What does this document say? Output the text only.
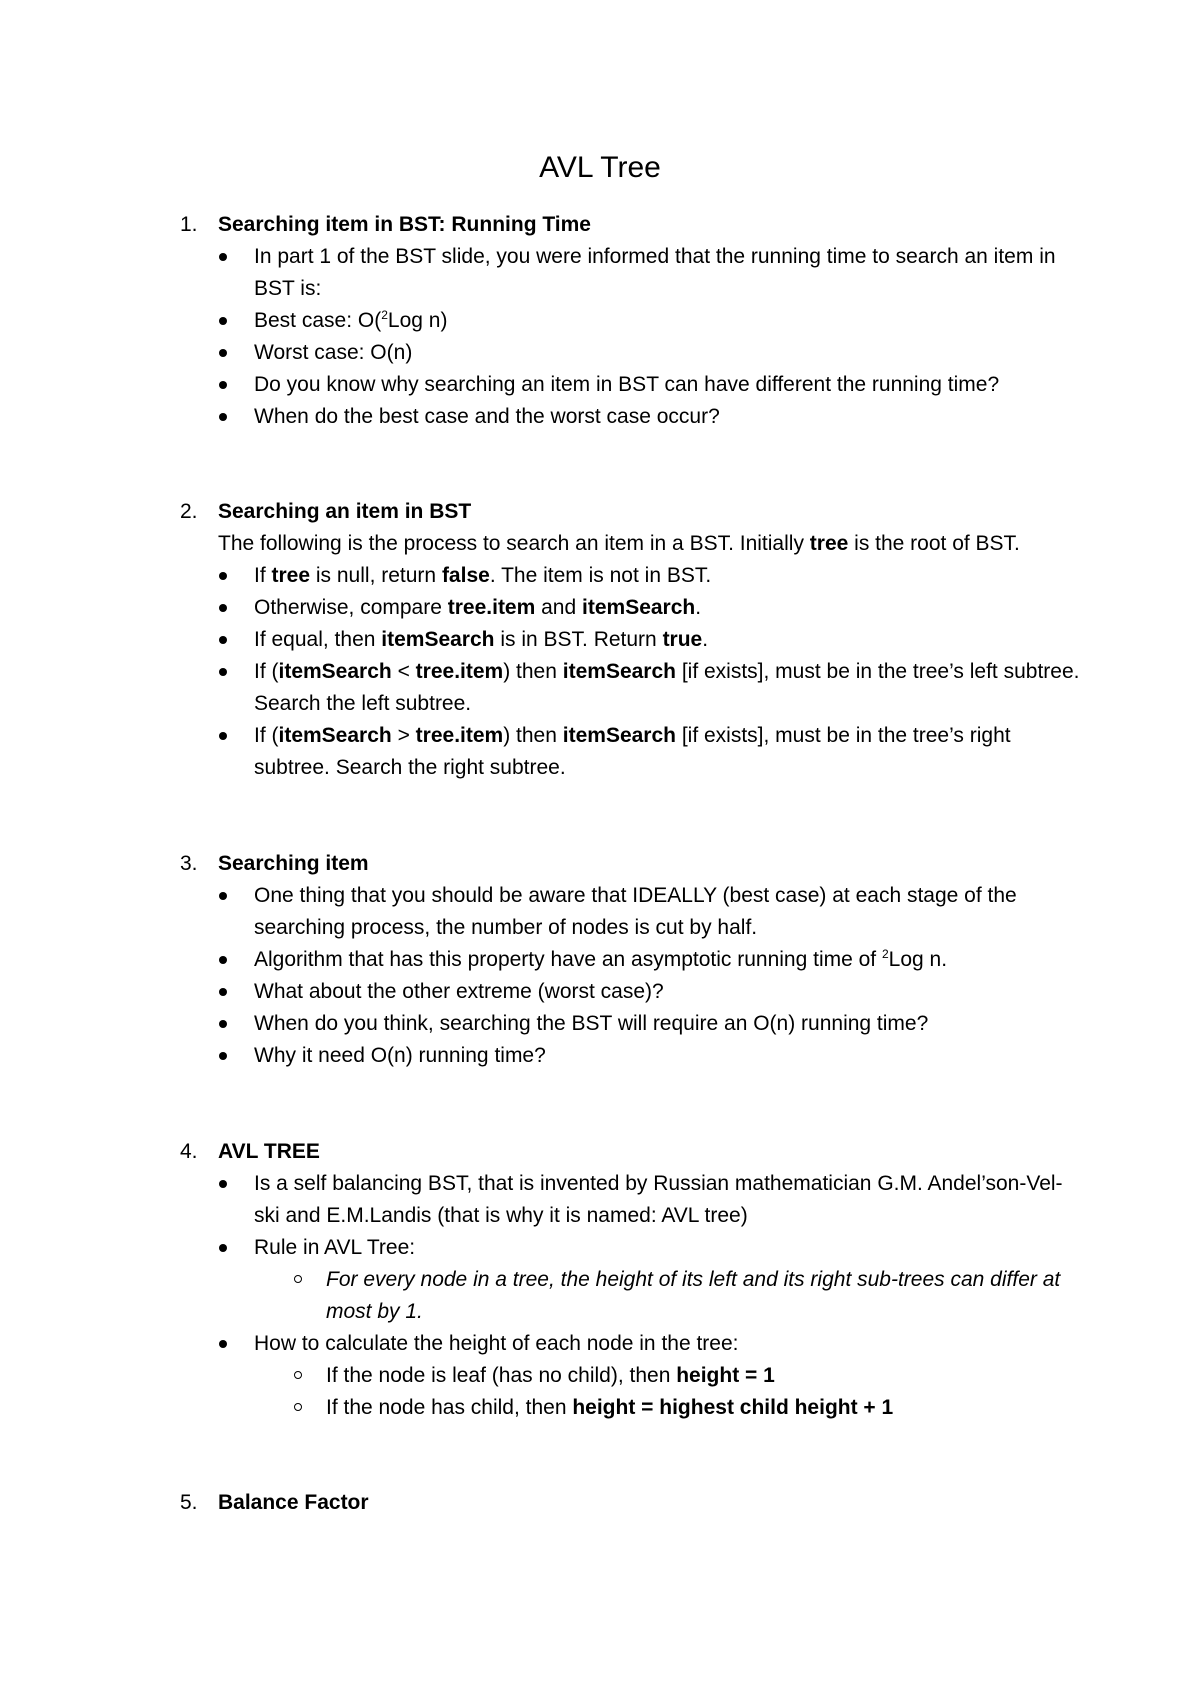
AVL Tree
1. Searching item in BST: Running Time
In part 1 of the BST slide, you were informed that the running time to search an item in BST is:
Best case: O($^2$Log n)
Worst case: O(n)
Do you know why searching an item in BST can have different the running time?
When do the best case and the worst case occur?
2. Searching an item in BST
The following is the process to search an item in a BST. Initially tree is the root of BST.
If tree is null, return false. The item is not in BST.
Otherwise, compare tree.item and itemSearch.
If equal, then itemSearch is in BST. Return true.
If (itemSearch < tree.item) then itemSearch [if exists], must be in the tree’s left subtree. Search the left subtree.
If (itemSearch > tree.item) then itemSearch [if exists], must be in the tree’s right subtree. Search the right subtree.
3. Searching item
One thing that you should be aware that IDEALLY (best case) at each stage of the searching process, the number of nodes is cut by half.
Algorithm that has this property have an asymptotic running time of $^2$Log n.
What about the other extreme (worst case)?
When do you think, searching the BST will require an O(n) running time?
Why it need O(n) running time?
4. AVL TREE
Is a self balancing BST, that is invented by Russian mathematician G.M. Andel’son-Vel-ski and E.M.Landis (that is why it is named: AVL tree)
Rule in AVL Tree:
For every node in a tree, the height of its left and its right sub-trees can differ at most by 1.
How to calculate the height of each node in the tree:
If the node is leaf (has no child), then height = 1
If the node has child, then height = highest child height + 1
5. Balance Factor
